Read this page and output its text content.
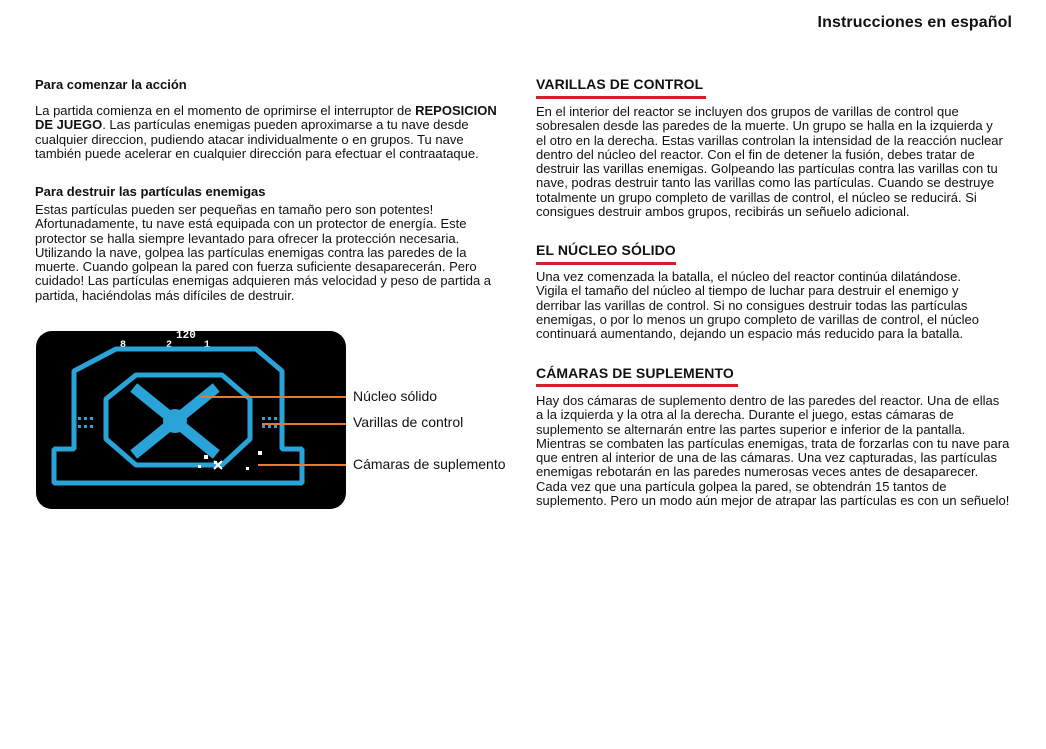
Instrucciones en español
Para comenzar la acción

La partida comienza en el momento de oprimirse el interruptor de REPOSICION DE JUEGO. Las partículas enemigas pueden aproximarse a tu nave desde cualquier direccion, pudiendo atacar individualmente o en grupos. Tu nave también puede acelerar en cualquier dirección para efectuar el contraataque.

Para destruir las partículas enemigas

Estas partículas pueden ser pequeñas en tamaño pero son potentes! Afortunadamente, tu nave está equipada con un protector de energía. Este protector se halla siempre levantado para ofrecer la protección necesaria. Utilizando la nave, golpea las partículas enemigas contra las paredes de la muerte. Cuando golpean la pared con fuerza suficiente desaparecerán. Pero cuidado! Las partículas enemigas adquieren más velocidad y peso de partida a partida, haciéndolas más difíciles de destruir.

120
8	2	1
Núcleo sólido
Varillas de control
Cámaras de suplemento
VARILLAS DE CONTROL

En el interior del reactor se incluyen dos grupos de varillas de control que sobresalen desde las paredes de la muerte. Un grupo se halla en la izquierda y el otro en la derecha. Estas varillas controlan la intensidad de la reacción nuclear dentro del núcleo del reactor. Con el fin de detener la fusión, debes tratar de destruir las varillas enemigas. Golpeando las partículas contra las varillas con tu nave, podras destruir tanto las varillas como las partículas. Cuando se destruye totalmente un grupo completo de varillas de control, el núcleo se reducirá. Si consigues destruir ambos grupos, recibirás un señuelo adicional.

EL NÚCLEO SÓLIDO

Una vez comenzada la batalla, el núcleo del reactor continúa dilatándose. Vigila el tamaño del núcleo al tiempo de luchar para destruir el enemigo y derribar las varillas de control. Si no consigues destruir todas las partículas enemigas, o por lo menos un grupo completo de varillas de control, el núcleo continuará aumentando, dejando un espacio más reducido para la batalla.

CÁMARAS DE SUPLEMENTO

Hay dos cámaras de suplemento dentro de las paredes del reactor. Una de ellas a la izquierda y la otra al la derecha. Durante el juego, estas cámaras de suplemento se alternarán entre las partes superior e inferior de la pantalla. Mientras se combaten las partículas enemigas, trata de forzarlas con tu nave para que entren al interior de una de las cámaras. Una vez capturadas, las partículas enemigas rebotarán en las paredes numerosas veces antes de desaparecer. Cada vez que una partícula golpea la pared, se obtendrán 15 tantos de suplemento. Pero un modo aún mejor de atrapar las partículas es con un señuelo!
